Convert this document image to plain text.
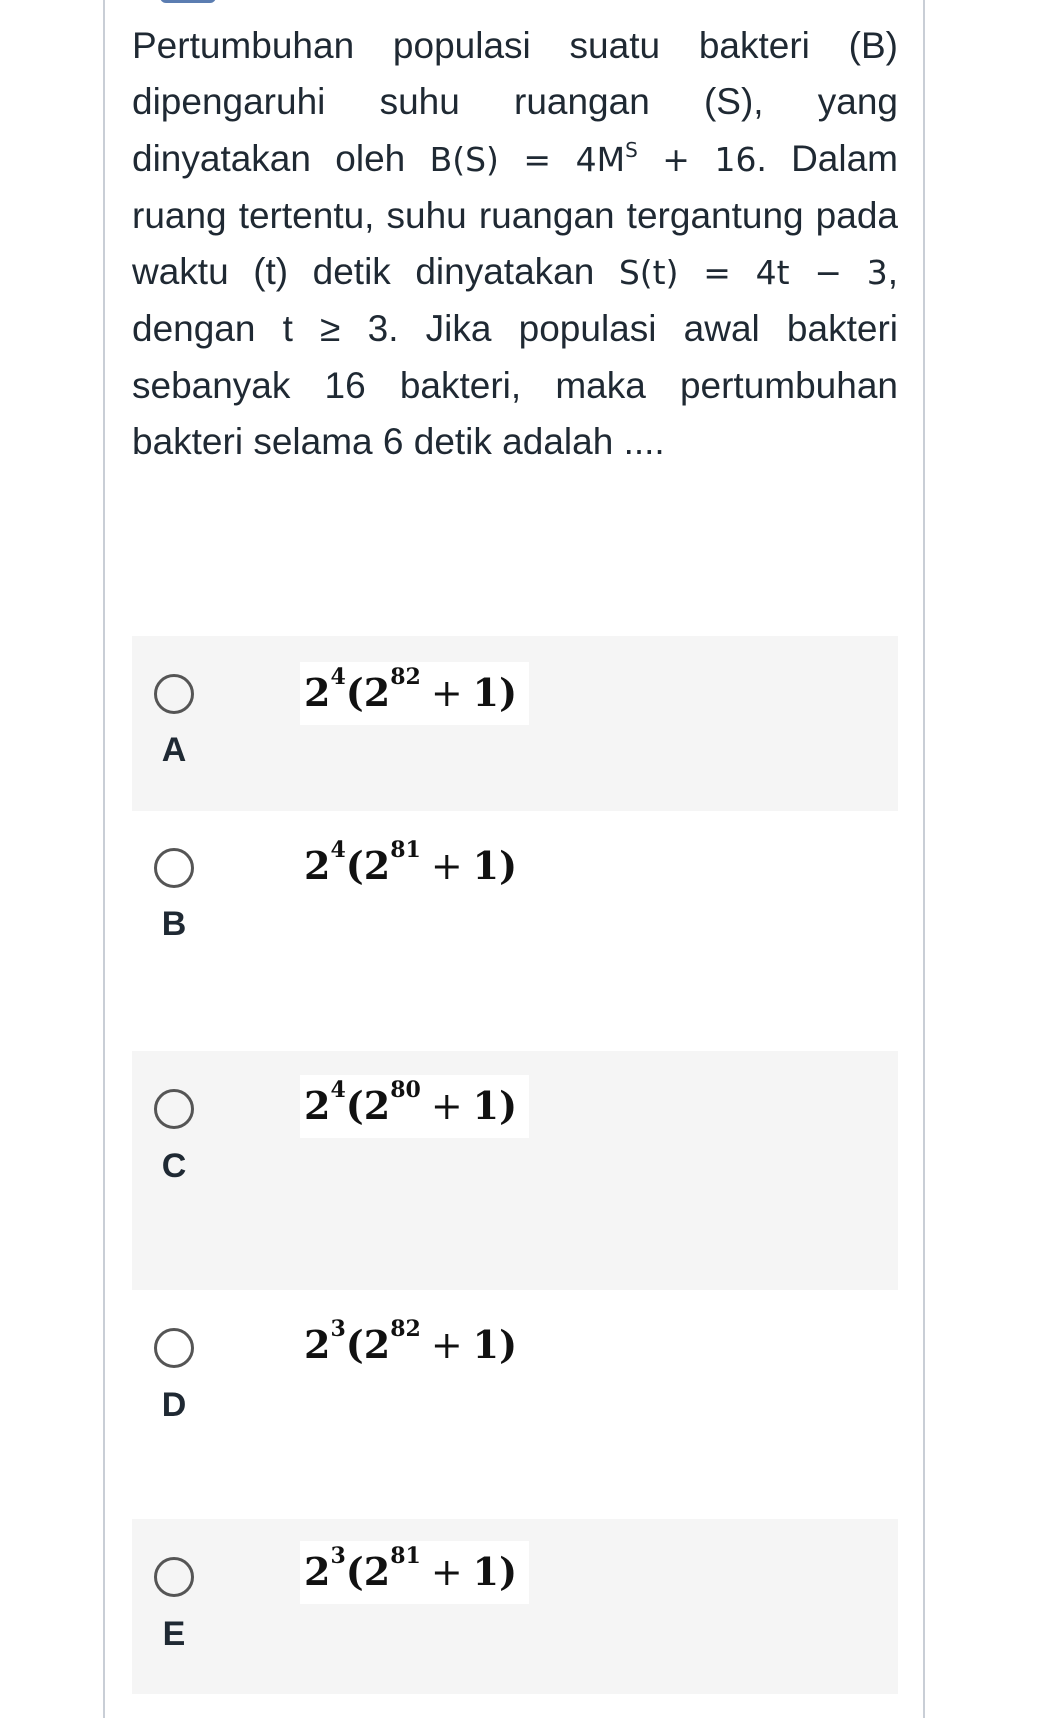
Pertumbuhan populasi suatu bakteri (B) dipengaruhi suhu ruangan (S), yang dinyatakan oleh $B(S) = 4M^S + 16$. Dalam ruang tertentu, suhu ruangan tergantung pada waktu (t) detik dinyatakan S(t) = 4t − 3, dengan t ≥ 3. Jika populasi awal bakteri sebanyak 16 bakteri, maka pertumbuhan bakteri selama 6 detik adalah ....

A
$2^4(2^{82} + 1)$
B
$2^4(2^{81} + 1)$
C
$2^4(2^{80} + 1)$
D
$2^3(2^{82} + 1)$
E
$2^3(2^{81} + 1)$
